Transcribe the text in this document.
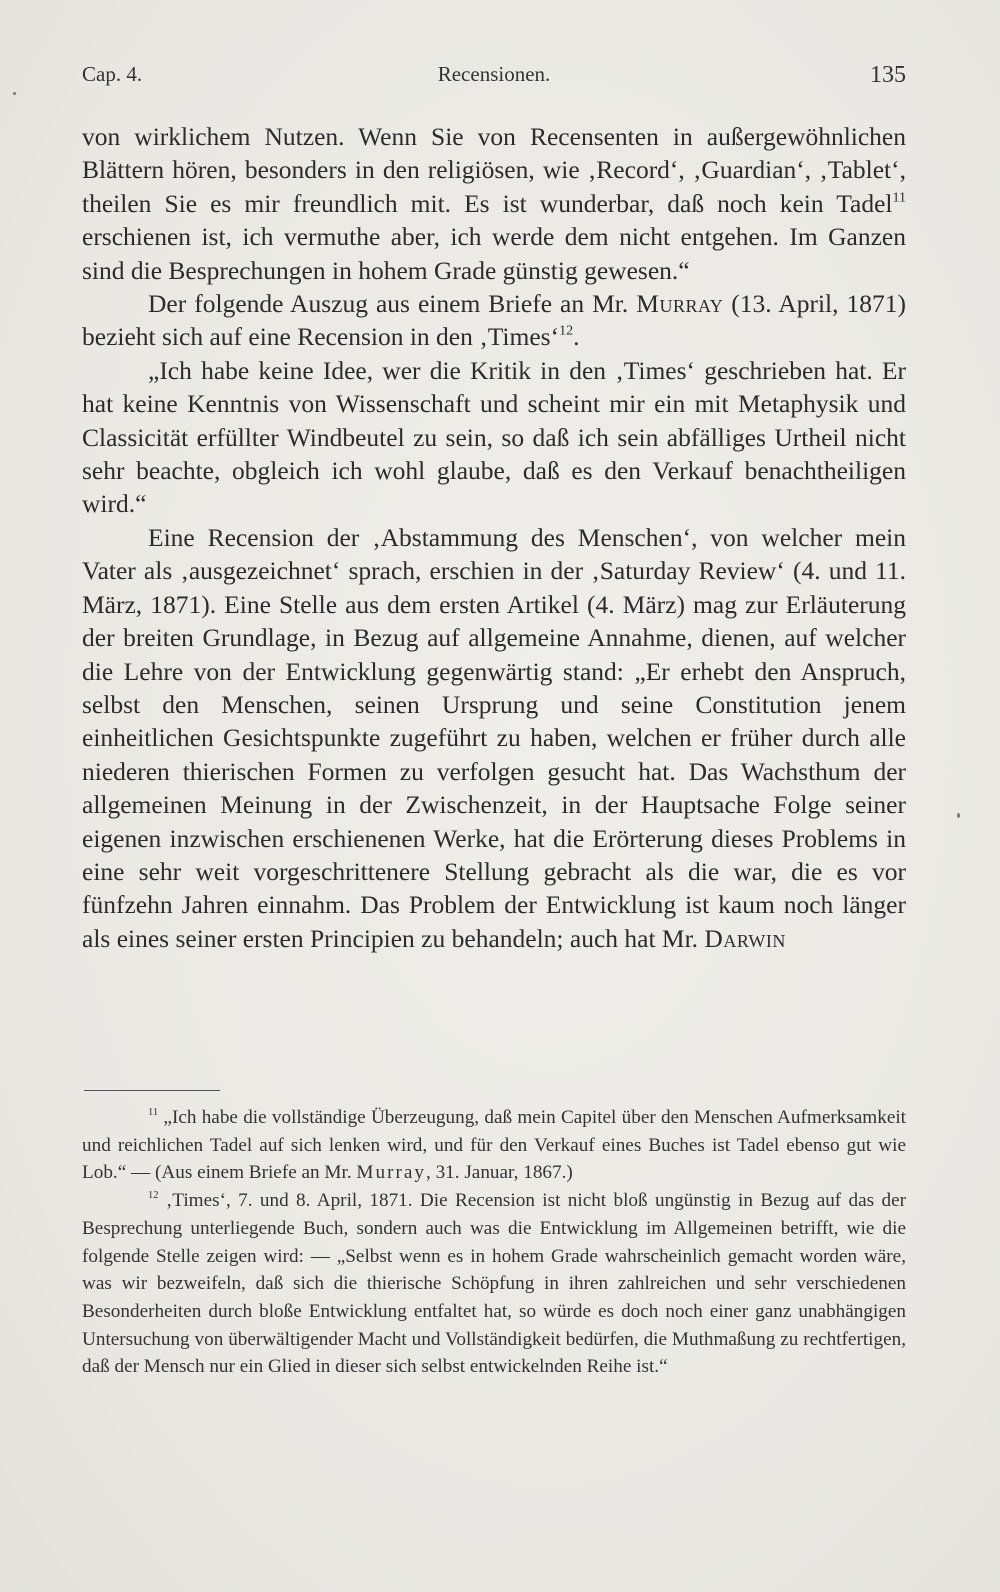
Cap. 4.	Recensionen.	135

von wirklichem Nutzen. Wenn Sie von Recensenten in außergewöhnlichen Blättern hören, besonders in den religiösen, wie ‚Record‘, ‚Guardian‘, ‚Tablet‘, theilen Sie es mir freundlich mit. Es ist wunderbar, daß noch kein Tadel$^{11}$ erschienen ist, ich vermuthe aber, ich werde dem nicht entgehen. Im Ganzen sind die Besprechungen in hohem Grade günstig gewesen.“

Der folgende Auszug aus einem Briefe an Mr. Murray (13. April, 1871) bezieht sich auf eine Recension in den ‚Times‘$^{12}$.

„Ich habe keine Idee, wer die Kritik in den ‚Times‘ geschrieben hat. Er hat keine Kenntnis von Wissenschaft und scheint mir ein mit Metaphysik und Classicität erfüllter Windbeutel zu sein, so daß ich sein abfälliges Urtheil nicht sehr beachte, obgleich ich wohl glaube, daß es den Verkauf benachtheiligen wird.“

Eine Recension der ‚Abstammung des Menschen‘, von welcher mein Vater als ‚ausgezeichnet‘ sprach, erschien in der ‚Saturday Review‘ (4. und 11. März, 1871). Eine Stelle aus dem ersten Artikel (4. März) mag zur Erläuterung der breiten Grundlage, in Bezug auf allgemeine Annahme, dienen, auf welcher die Lehre von der Entwicklung gegenwärtig stand: „Er erhebt den Anspruch, selbst den Menschen, seinen Ursprung und seine Constitution jenem einheitlichen Gesichtspunkte zugeführt zu haben, welchen er früher durch alle niederen thierischen Formen zu verfolgen gesucht hat. Das Wachsthum der allgemeinen Meinung in der Zwischenzeit, in der Hauptsache Folge seiner eigenen inzwischen erschienenen Werke, hat die Erörterung dieses Problems in eine sehr weit vorgeschrittenere Stellung gebracht als die war, die es vor fünfzehn Jahren einnahm. Das Problem der Entwicklung ist kaum noch länger als eines seiner ersten Principien zu behandeln; auch hat Mr. Darwin

$^{11}$ „Ich habe die vollständige Überzeugung, daß mein Capitel über den Menschen Aufmerksamkeit und reichlichen Tadel auf sich lenken wird, und für den Verkauf eines Buches ist Tadel ebenso gut wie Lob.“ — (Aus einem Briefe an Mr. Murray, 31. Januar, 1867.)

$^{12}$ ‚Times‘, 7. und 8. April, 1871. Die Recension ist nicht bloß ungünstig in Bezug auf das der Besprechung unterliegende Buch, sondern auch was die Entwicklung im Allgemeinen betrifft, wie die folgende Stelle zeigen wird: — „Selbst wenn es in hohem Grade wahrscheinlich gemacht worden wäre, was wir bezweifeln, daß sich die thierische Schöpfung in ihren zahlreichen und sehr verschiedenen Besonderheiten durch bloße Entwicklung entfaltet hat, so würde es doch noch einer ganz unabhängigen Untersuchung von überwältigender Macht und Vollständigkeit bedürfen, die Muthmaßung zu rechtfertigen, daß der Mensch nur ein Glied in dieser sich selbst entwickelnden Reihe ist.“
